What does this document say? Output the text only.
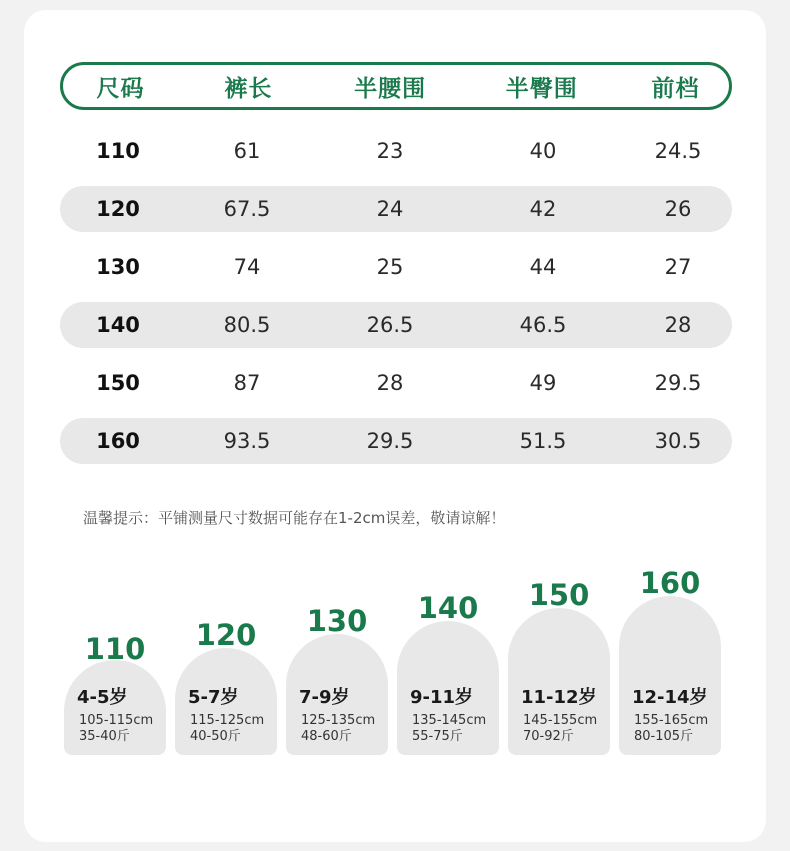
尺码	裤长	半腰围	半臀围	前档
110	61	23	40	24.5
120	67.5	24	42	26
130	74	25	44	27
140	80.5	26.5	46.5	28
150	87	28	49	29.5
160	93.5	29.5	51.5	30.5
温馨提示：平铺测量尺寸数据可能存在1-2cm误差，敬请谅解！
110
4-5岁
105-115cm
35-40斤
120
5-7岁
115-125cm
40-50斤
130
7-9岁
125-135cm
48-60斤
140
9-11岁
135-145cm
55-75斤
150
11-12岁
145-155cm
70-92斤
160
12-14岁
155-165cm
80-105斤
